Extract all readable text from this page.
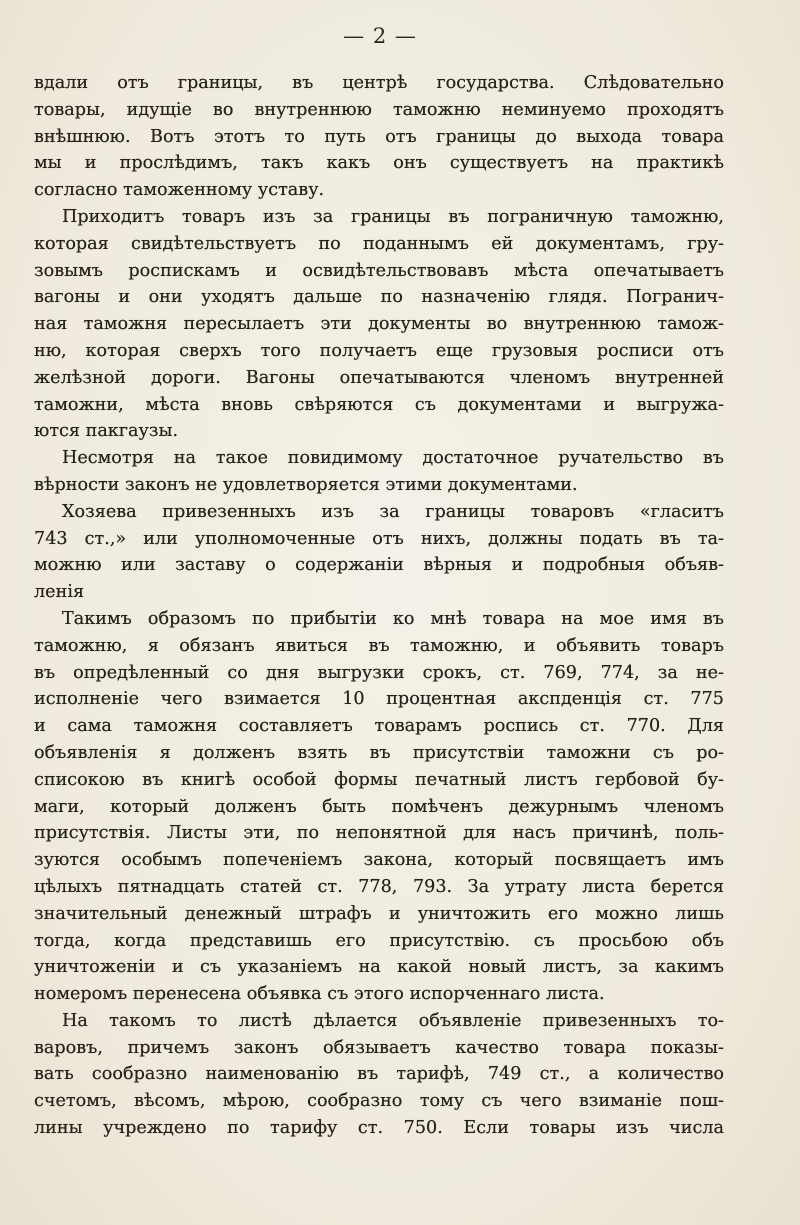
— 2 —
вдали отъ границы, въ центрѣ государства. Слѣдовательно
товары, идущіе во внутреннюю таможню неминуемо проходятъ
внѣшнюю. Вотъ этотъ то путь отъ границы до выхода товара
мы и прослѣдимъ, такъ какъ онъ существуетъ на практикѣ
согласно таможенному уставу.
Приходитъ товаръ изъ за границы въ пограничную таможню,
которая свидѣтельствуетъ по поданнымъ ей документамъ, гру-
зовымъ роспискамъ и освидѣтельствовавъ мѣста опечатываетъ
вагоны и они уходятъ дальше по назначенію глядя. Погранич-
ная таможня пересылаетъ эти документы во внутреннюю тамож-
ню, которая сверхъ того получаетъ еще грузовыя росписи отъ
желѣзной дороги. Вагоны опечатываются членомъ внутренней
таможни, мѣста вновь свѣряются съ документами и выгружа-
ются пакгаузы.
Несмотря на такое повидимому достаточное ручательство въ
вѣрности законъ не удовлетворяется этими документами.
Хозяева привезенныхъ изъ за границы товаровъ «гласитъ
743 ст.,» или уполномоченные отъ нихъ, должны подать въ та-
можню или заставу о содержаніи вѣрныя и подробныя объяв-
ленія
Такимъ образомъ по прибытіи ко мнѣ товара на мое имя въ
таможню, я обязанъ явиться въ таможню, и объявить товаръ
въ опредѣленный со дня выгрузки срокъ, ст. 769, 774, за не-
исполненіе чего взимается 10 процентная акспденція ст. 775
и сама таможня составляетъ товарамъ роспись ст. 770. Для
объявленія я долженъ взять въ присутствіи таможни съ ро-
списокою въ книгѣ особой формы печатный листъ гербовой бу-
маги, который долженъ быть помѣченъ дежурнымъ членомъ
присутствія. Листы эти, по непонятной для насъ причинѣ, поль-
зуются особымъ попеченіемъ закона, который посвящаетъ имъ
цѣлыхъ пятнадцать статей ст. 778, 793. За утрату листа берется
значительный денежный штрафъ и уничтожить его можно лишь
тогда, когда представишь его присутствію. съ просьбою объ
уничтоженіи и съ указаніемъ на какой новый листъ, за какимъ
номеромъ перенесена объявка съ этого испорченнаго листа.
На такомъ то листѣ дѣлается объявленіе привезенныхъ то-
варовъ, причемъ законъ обязываетъ качество товара показы-
вать сообразно наименованію въ тарифѣ, 749 ст., а количество
счетомъ, вѣсомъ, мѣрою, сообразно тому съ чего взиманіе пош-
лины учреждено по тарифу ст. 750. Если товары изъ числа
